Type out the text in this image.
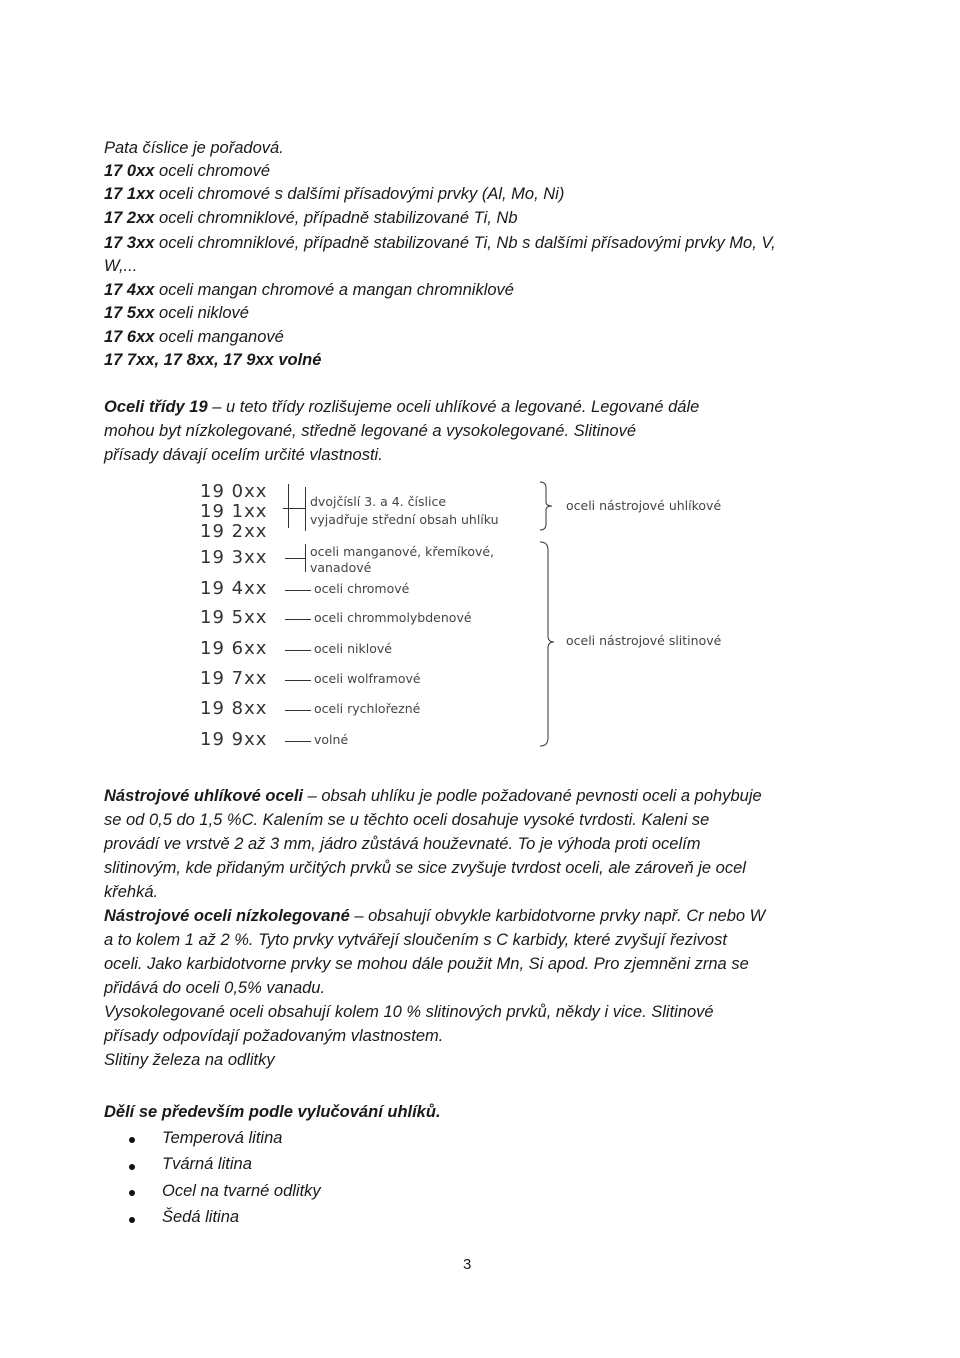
Pata číslice je pořadová.
17 0xx oceli chromové
17 1xx oceli chromové s dalšími přísadovými prvky (Al, Mo, Ni)
17 2xx oceli chromniklové, případně stabilizované Ti, Nb
17 3xx oceli chromniklové, případně stabilizované Ti, Nb s dalšími přísadovými prvky Mo, V,
W,...
17 4xx oceli mangan chromové a mangan chromniklové
17 5xx oceli niklové
17 6xx oceli manganové
17 7xx, 17 8xx, 17 9xx volné
Oceli třídy 19 – u teto třídy rozlišujeme oceli uhlíkové a legované. Legované dále
mohou byt nízkolegované, středně legované a vysokolegované. Slitinové
přísady dávají ocelím určité vlastnosti.
19 0xx
19 1xx
19 2xx
19 3xx
19 4xx
19 5xx
19 6xx
19 7xx
19 8xx
19 9xx
dvojčíslí 3. a 4. číslice
vyjadřuje střední obsah uhlíku
oceli manganové, křemíkové,
vanadové
oceli chromové
oceli chrommolybdenové
oceli niklové
oceli wolframové
oceli rychlořezné
volné
oceli nástrojové uhlíkové
oceli nástrojové slitinové
Nástrojové uhlíkové oceli – obsah uhlíku je podle požadované pevnosti oceli a pohybuje
se od 0,5 do 1,5 %C. Kalením se u těchto oceli dosahuje vysoké tvrdosti. Kaleni se
provádí ve vrstvě 2 až 3 mm, jádro zůstává houževnaté. To je výhoda proti ocelím
slitinovým, kde přidaným určitých prvků se sice zvyšuje tvrdost oceli, ale zároveň je ocel
křehká.
Nástrojové oceli nízkolegované – obsahují obvykle karbidotvorne prvky např. Cr nebo W
a to kolem 1 až 2 %. Tyto prvky vytvářejí sloučením s C karbidy, které zvyšují řezivost
oceli. Jako karbidotvorne prvky se mohou dále použit Mn, Si apod. Pro zjemněni zrna se
přidává do oceli 0,5% vanadu.
Vysokolegované oceli obsahují kolem 10 % slitinových prvků, někdy i vice. Slitinové
přísady odpovídají požadovaným vlastnostem.
Slitiny železa na odlitky
Dělí se především podle vylučování uhlíků.
Temperová litina
Tvárná litina
Ocel na tvarné odlitky
Šedá litina
3
